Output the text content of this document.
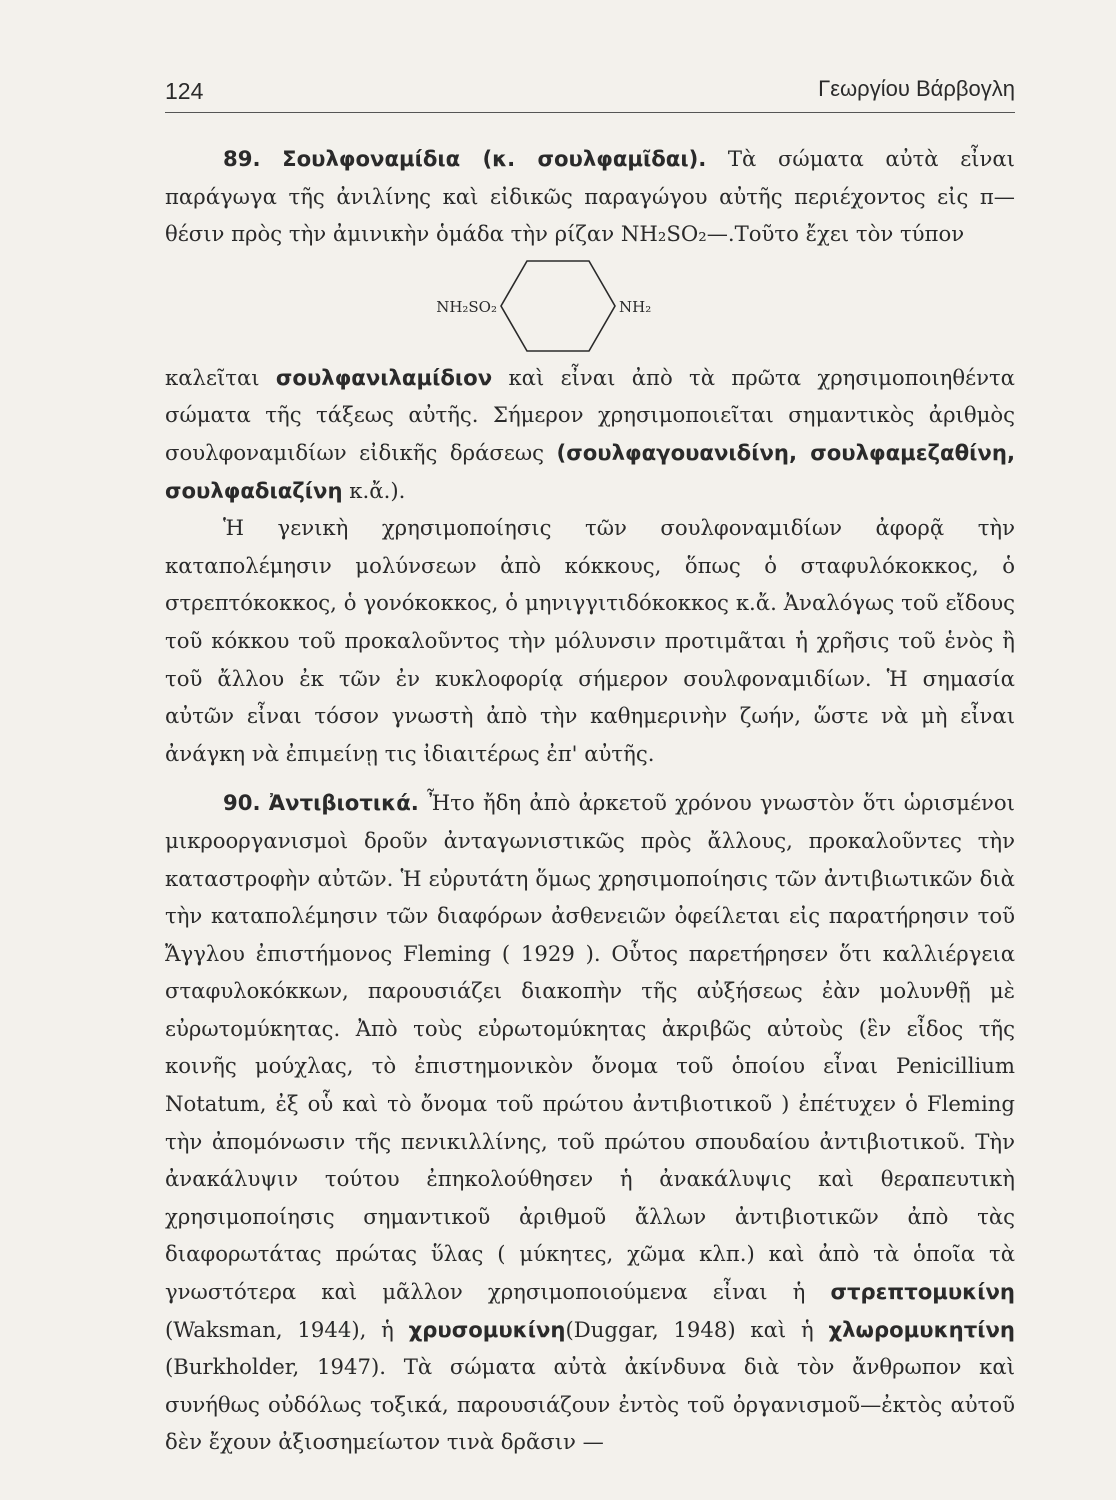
124	Γεωργίου Βάρβογλη

89. Σουλφοναμίδια (κ. σουλφαμῖδαι). Τὰ σώματα αὐτὰ εἶναι παράγωγα τῆς ἀνιλίνης καὶ εἰδικῶς παραγώγου αὐτῆς περιέχοντος εἰς π—θέσιν πρὸς τὴν ἀμινικὴν ὁμάδα τὴν ρίζαν NH₂SO₂—.Τοῦτο ἔχει τὸν τύπον

NH₂SO₂	NH₂

καλεῖται σουλφανιλαμίδιον καὶ εἶναι ἀπὸ τὰ πρῶτα χρησιμοποιηθέντα σώματα τῆς τάξεως αὐτῆς. Σήμερον χρησιμοποιεῖται σημαντικὸς ἀριθμὸς σουλφοναμιδίων εἰδικῆς δράσεως (σουλφαγουανιδίνη, σουλφαμεζαθίνη, σουλφαδιαζίνη κ.ἄ.).

Ἡ γενικὴ χρησιμοποίησις τῶν σουλφοναμιδίων ἀφορᾷ τὴν καταπολέμησιν μολύνσεων ἀπὸ κόκκους, ὅπως ὁ σταφυλόκοκκος, ὁ στρεπτόκοκκος, ὁ γονόκοκκος, ὁ μηνιγγιτιδόκοκκος κ.ἄ. Ἀναλόγως τοῦ εἴδους τοῦ κόκκου τοῦ προκαλοῦντος τὴν μόλυνσιν προτιμᾶται ἡ χρῆσις τοῦ ἑνὸς ἢ τοῦ ἄλλου ἐκ τῶν ἐν κυκλοφορίᾳ σήμερον σουλφοναμιδίων. Ἡ σημασία αὐτῶν εἶναι τόσον γνωστὴ ἀπὸ τὴν καθημερινὴν ζωήν, ὥστε νὰ μὴ εἶναι ἀνάγκη νὰ ἐπιμείνῃ τις ἰδιαιτέρως ἐπ' αὐτῆς.

90. Ἀντιβιοτικά. Ἦτο ἤδη ἀπὸ ἀρκετοῦ χρόνου γνωστὸν ὅτι ὡρισμένοι μικροοργανισμοὶ δροῦν ἀνταγωνιστικῶς πρὸς ἄλλους, προκαλοῦντες τὴν καταστροφὴν αὐτῶν. Ἡ εὐρυτάτη ὅμως χρησιμοποίησις τῶν ἀντιβιωτικῶν διὰ τὴν καταπολέμησιν τῶν διαφόρων ἀσθενειῶν ὀφείλεται εἰς παρατήρησιν τοῦ Ἄγγλου ἐπιστήμονος Fleming ( 1929 ). Οὗτος παρετήρησεν ὅτι καλλιέργεια σταφυλοκόκκων, παρουσιάζει διακοπὴν τῆς αὐξήσεως ἐὰν μολυνθῇ μὲ εὐρωτομύκητας. Ἀπὸ τοὺς εὐρωτομύκητας ἀκριβῶς αὐτοὺς (ἓν εἶδος τῆς κοινῆς μούχλας, τὸ ἐπιστημονικὸν ὄνομα τοῦ ὁποίου εἶναι Penicillium Notatum, ἐξ οὗ καὶ τὸ ὄνομα τοῦ πρώτου ἀντιβιοτικοῦ ) ἐπέτυχεν ὁ Fleming τὴν ἀπομόνωσιν τῆς πενικιλλίνης, τοῦ πρώτου σπουδαίου ἀντιβιοτικοῦ. Τὴν ἀνακάλυψιν τούτου ἐπηκολούθησεν ἡ ἀνακάλυψις καὶ θεραπευτικὴ χρησιμοποίησις σημαντικοῦ ἀριθμοῦ ἄλλων ἀντιβιοτικῶν ἀπὸ τὰς διαφορωτάτας πρώτας ὕλας ( μύκητες, χῶμα κλπ.) καὶ ἀπὸ τὰ ὁποῖα τὰ γνωστότερα καὶ μᾶλλον χρησιμοποιούμενα εἶναι ἡ στρεπτομυκίνη (Waksman, 1944), ἡ χρυσομυκίνη(Duggar, 1948) καὶ ἡ χλωρομυκητίνη (Burkholder, 1947). Τὰ σώματα αὐτὰ ἀκίνδυνα διὰ τὸν ἄνθρωπον καὶ συνήθως οὐδόλως τοξικά, παρουσιάζουν ἐντὸς τοῦ ὀργανισμοῦ—ἐκτὸς αὐτοῦ δὲν ἔχουν ἀξιοσημείωτον τινὰ δρᾶσιν —
